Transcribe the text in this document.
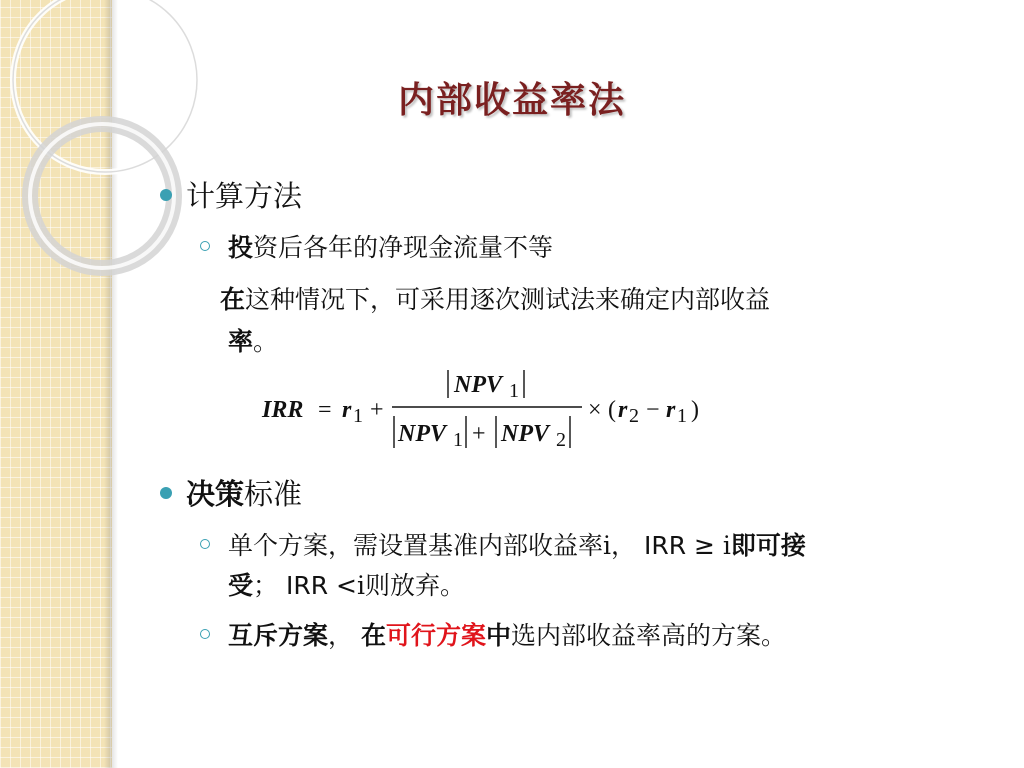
内部收益率法
计算方法
投资后各年的净现金流量不等
在这种情况下，可采用逐次测试法来确定内部收益
率。
IRR = r 1 +
NPV 1
NPV 1 + NPV 2
× ( r 2 − r 1 )
决策标准
单个方案，需设置基准内部收益率i， IRR ≥ i即可接
受； IRR <i则放弃。
互斥方案， 在可行方案中选内部收益率高的方案。
